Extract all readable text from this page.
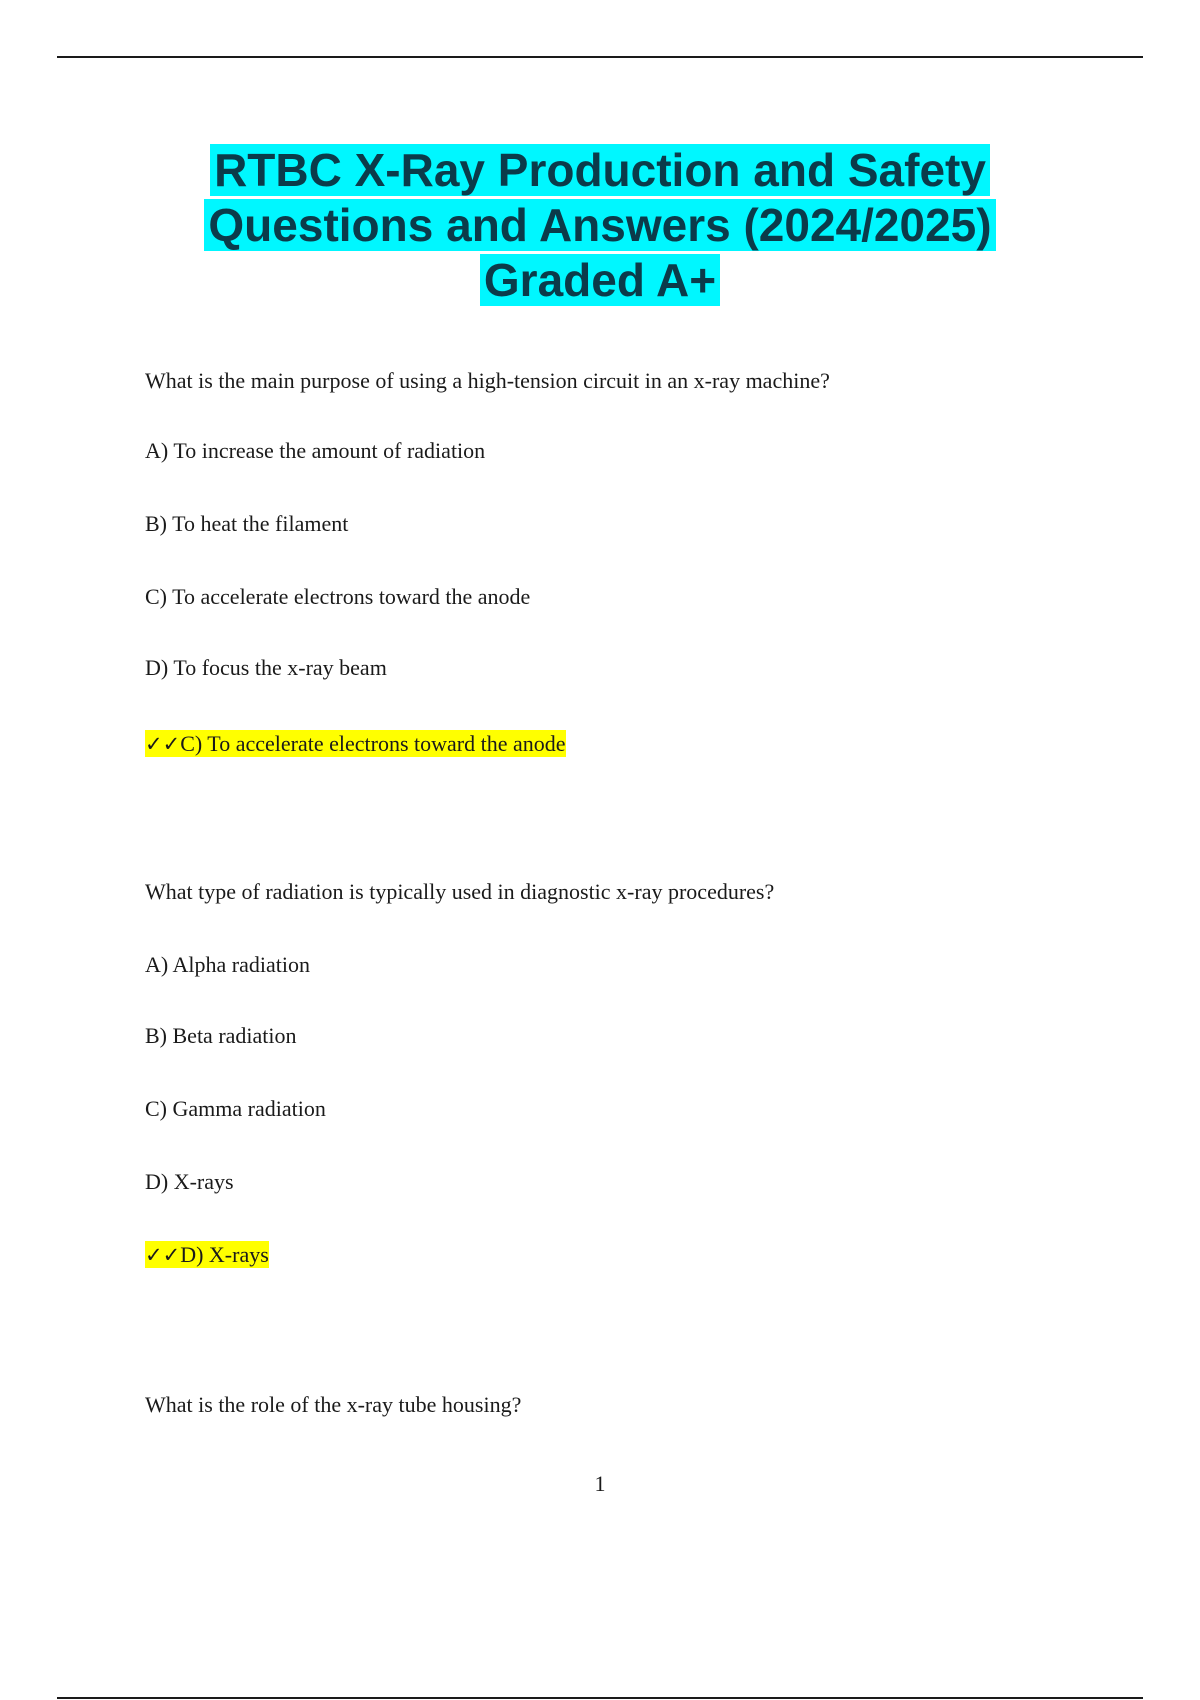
RTBC X-Ray Production and Safety
Questions and Answers (2024/2025)
Graded A+

What is the main purpose of using a high-tension circuit in an x-ray machine?

A) To increase the amount of radiation

B) To heat the filament

C) To accelerate electrons toward the anode

D) To focus the x-ray beam

✓✓C) To accelerate electrons toward the anode

What type of radiation is typically used in diagnostic x-ray procedures?

A) Alpha radiation

B) Beta radiation

C) Gamma radiation

D) X-rays

✓✓D) X-rays

What is the role of the x-ray tube housing?

1
